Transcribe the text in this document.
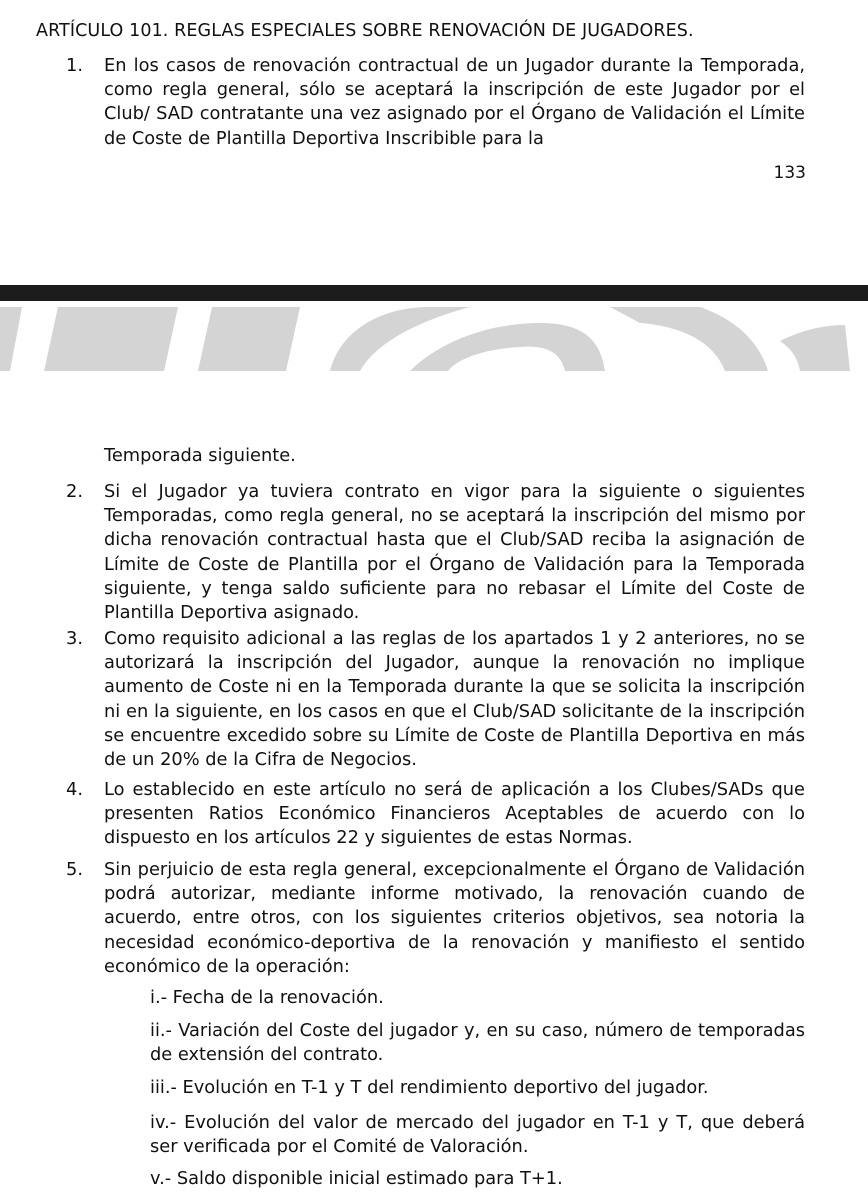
ARTÍCULO 101. REGLAS ESPECIALES SOBRE RENOVACIÓN DE JUGADORES.
1. En los casos de renovación contractual de un Jugador durante la Temporada, como regla general, sólo se aceptará la inscripción de este Jugador por el Club/ SAD contratante una vez asignado por el Órgano de Validación el Límite de Coste de Plantilla Deportiva Inscribible para la

133

Temporada siguiente.

2. Si el Jugador ya tuviera contrato en vigor para la siguiente o siguientes Temporadas, como regla general, no se aceptará la inscripción del mismo por dicha renovación contractual hasta que el Club/SAD reciba la asignación de Límite de Coste de Plantilla por el Órgano de Validación para la Temporada siguiente, y tenga saldo suficiente para no rebasar el Límite del Coste de Plantilla Deportiva asignado.

3. Como requisito adicional a las reglas de los apartados 1 y 2 anteriores, no se autorizará la inscripción del Jugador, aunque la renovación no implique aumento de Coste ni en la Temporada durante la que se solicita la inscripción ni en la siguiente, en los casos en que el Club/SAD solicitante de la inscripción se encuentre excedido sobre su Límite de Coste de Plantilla Deportiva en más de un 20% de la Cifra de Negocios.

4. Lo establecido en este artículo no será de aplicación a los Clubes/SADs que presenten Ratios Económico Financieros Aceptables de acuerdo con lo dispuesto en los artículos 22 y siguientes de estas Normas.

5. Sin perjuicio de esta regla general, excepcionalmente el Órgano de Validación podrá autorizar, mediante informe motivado, la renovación cuando de acuerdo, entre otros, con los siguientes criterios objetivos, sea notoria la necesidad económico-deportiva de la renovación y manifiesto el sentido económico de la operación:

i.- Fecha de la renovación.

ii.- Variación del Coste del jugador y, en su caso, número de temporadas de extensión del contrato.

iii.- Evolución en T-1 y T del rendimiento deportivo del jugador.

iv.- Evolución del valor de mercado del jugador en T-1 y T, que deberá ser verificada por el Comité de Valoración.

v.- Saldo disponible inicial estimado para T+1.
